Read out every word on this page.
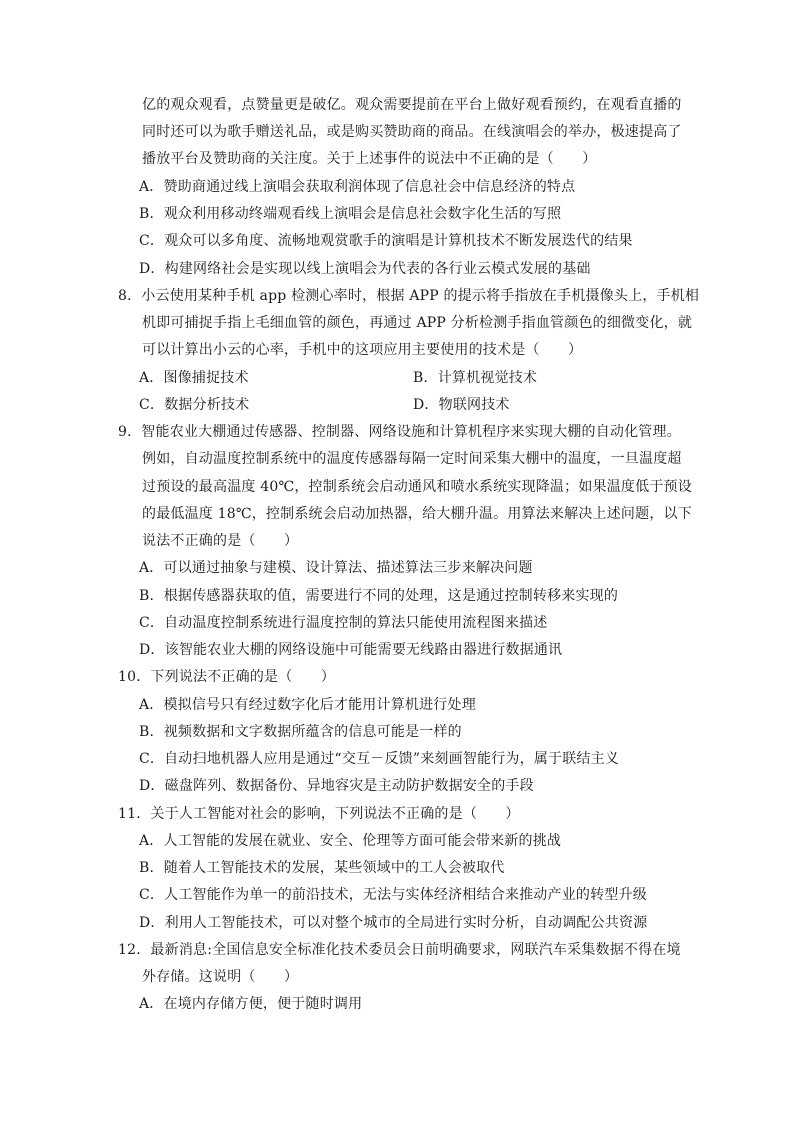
亿的观众观看，点赞量更是破亿。观众需要提前在平台上做好观看预约，在观看直播的
同时还可以为歌手赠送礼品，或是购买赞助商的商品。在线演唱会的举办，极速提高了
播放平台及赞助商的关注度。关于上述事件的说法中不正确的是（　　）
A．赞助商通过线上演唱会获取利润体现了信息社会中信息经济的特点
B．观众利用移动终端观看线上演唱会是信息社会数字化生活的写照
C．观众可以多角度、流畅地观赏歌手的演唱是计算机技术不断发展迭代的结果
D．构建网络社会是实现以线上演唱会为代表的各行业云模式发展的基础
8．小云使用某种手机 app 检测心率时，根据 APP 的提示将手指放在手机摄像头上，手机相
机即可捕捉手指上毛细血管的颜色，再通过 APP 分析检测手指血管颜色的细微变化，就
可以计算出小云的心率，手机中的这项应用主要使用的技术是（　　）
A．图像捕捉技术	B．计算机视觉技术
C．数据分析技术	D．物联网技术
9．智能农业大棚通过传感器、控制器、网络设施和计算机程序来实现大棚的自动化管理。
例如，自动温度控制系统中的温度传感器每隔一定时间采集大棚中的温度，一旦温度超
过预设的最高温度 40℃，控制系统会启动通风和喷水系统实现降温；如果温度低于预设
的最低温度 18℃，控制系统会启动加热器，给大棚升温。用算法来解决上述问题，以下
说法不正确的是（　　）
A．可以通过抽象与建模、设计算法、描述算法三步来解决问题
B．根据传感器获取的值，需要进行不同的处理，这是通过控制转移来实现的
C．自动温度控制系统进行温度控制的算法只能使用流程图来描述
D．该智能农业大棚的网络设施中可能需要无线路由器进行数据通讯
10．下列说法不正确的是（　　）
A．模拟信号只有经过数字化后才能用计算机进行处理
B．视频数据和文字数据所蕴含的信息可能是一样的
C．自动扫地机器人应用是通过“交互－反馈”来刻画智能行为，属于联结主义
D．磁盘阵列、数据备份、异地容灾是主动防护数据安全的手段
11．关于人工智能对社会的影响，下列说法不正确的是（　　）
A．人工智能的发展在就业、安全、伦理等方面可能会带来新的挑战
B．随着人工智能技术的发展，某些领域中的工人会被取代
C．人工智能作为单一的前沿技术，无法与实体经济相结合来推动产业的转型升级
D．利用人工智能技术，可以对整个城市的全局进行实时分析，自动调配公共资源
12．最新消息:全国信息安全标准化技术委员会日前明确要求，网联汽车采集数据不得在境
外存储。这说明（　　）
A．在境内存储方便，便于随时调用
